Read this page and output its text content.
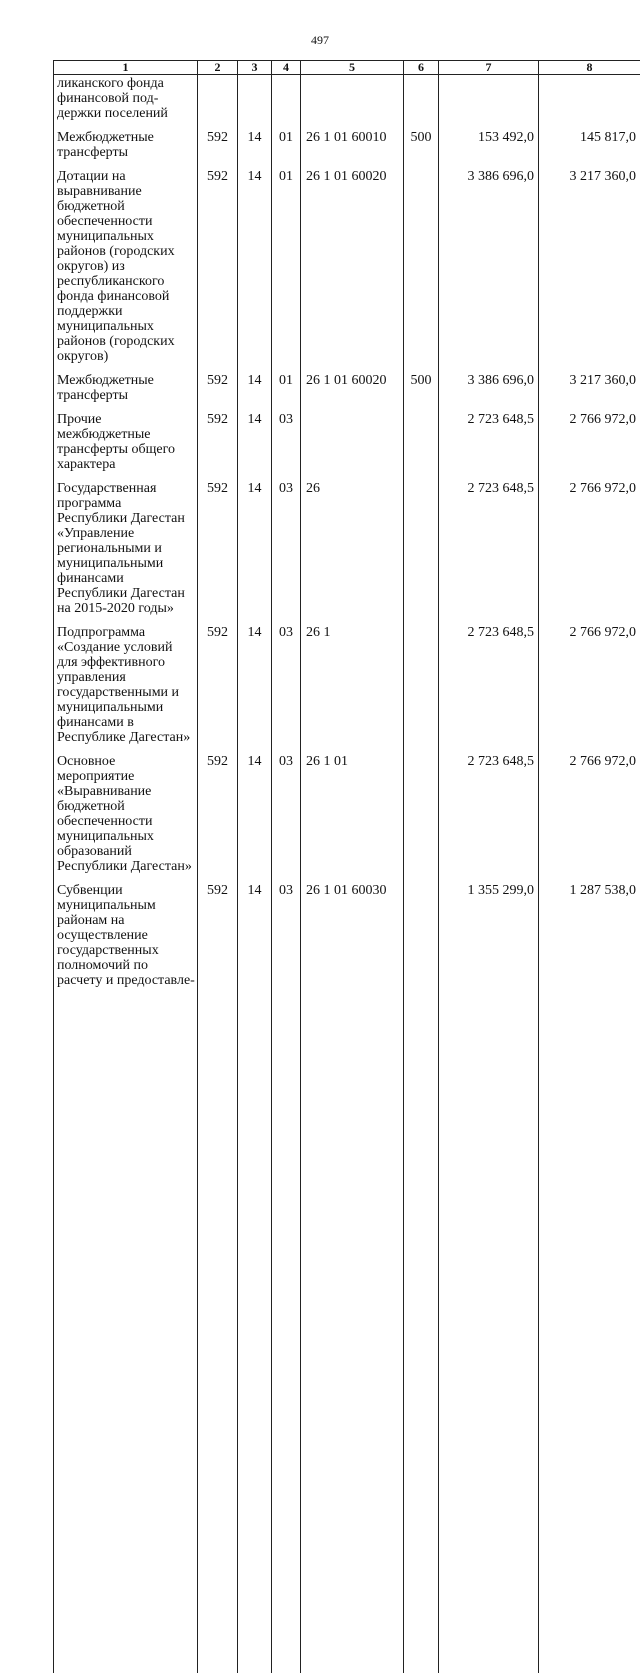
497
1	2	3	4	5	6	7	8
ликанского фонда финансовой под-держки поселений							
Межбюджетные трансферты	592	14	01	26 1 01 60010	500	153 492,0	145 817,0
Дотации на выравнивание бюджетной обеспеченности муниципальных районов (городских округов) из республиканского фонда финансовой поддержки муниципальных районов (городских округов)	592	14	01	26 1 01 60020		3 386 696,0	3 217 360,0
Межбюджетные трансферты	592	14	01	26 1 01 60020	500	3 386 696,0	3 217 360,0
Прочие межбюджетные трансферты общего характера	592	14	03			2 723 648,5	2 766 972,0
Государственная программа Республики Дагестан «Управление региональными и муниципальными финансами Республики Дагестан на 2015-2020 годы»	592	14	03	26		2 723 648,5	2 766 972,0
Подпрограмма «Создание условий для эффективного управления государственными и муниципальными финансами в Республике Дагестан»	592	14	03	26 1		2 723 648,5	2 766 972,0
Основное мероприятие «Выравнивание бюджетной обеспеченности муниципальных образований Республики Дагестан»	592	14	03	26 1 01		2 723 648,5	2 766 972,0
Субвенции муниципальным районам на осуществление государственных полномочий по расчету и предоставле-	592	14	03	26 1 01 60030		1 355 299,0	1 287 538,0
